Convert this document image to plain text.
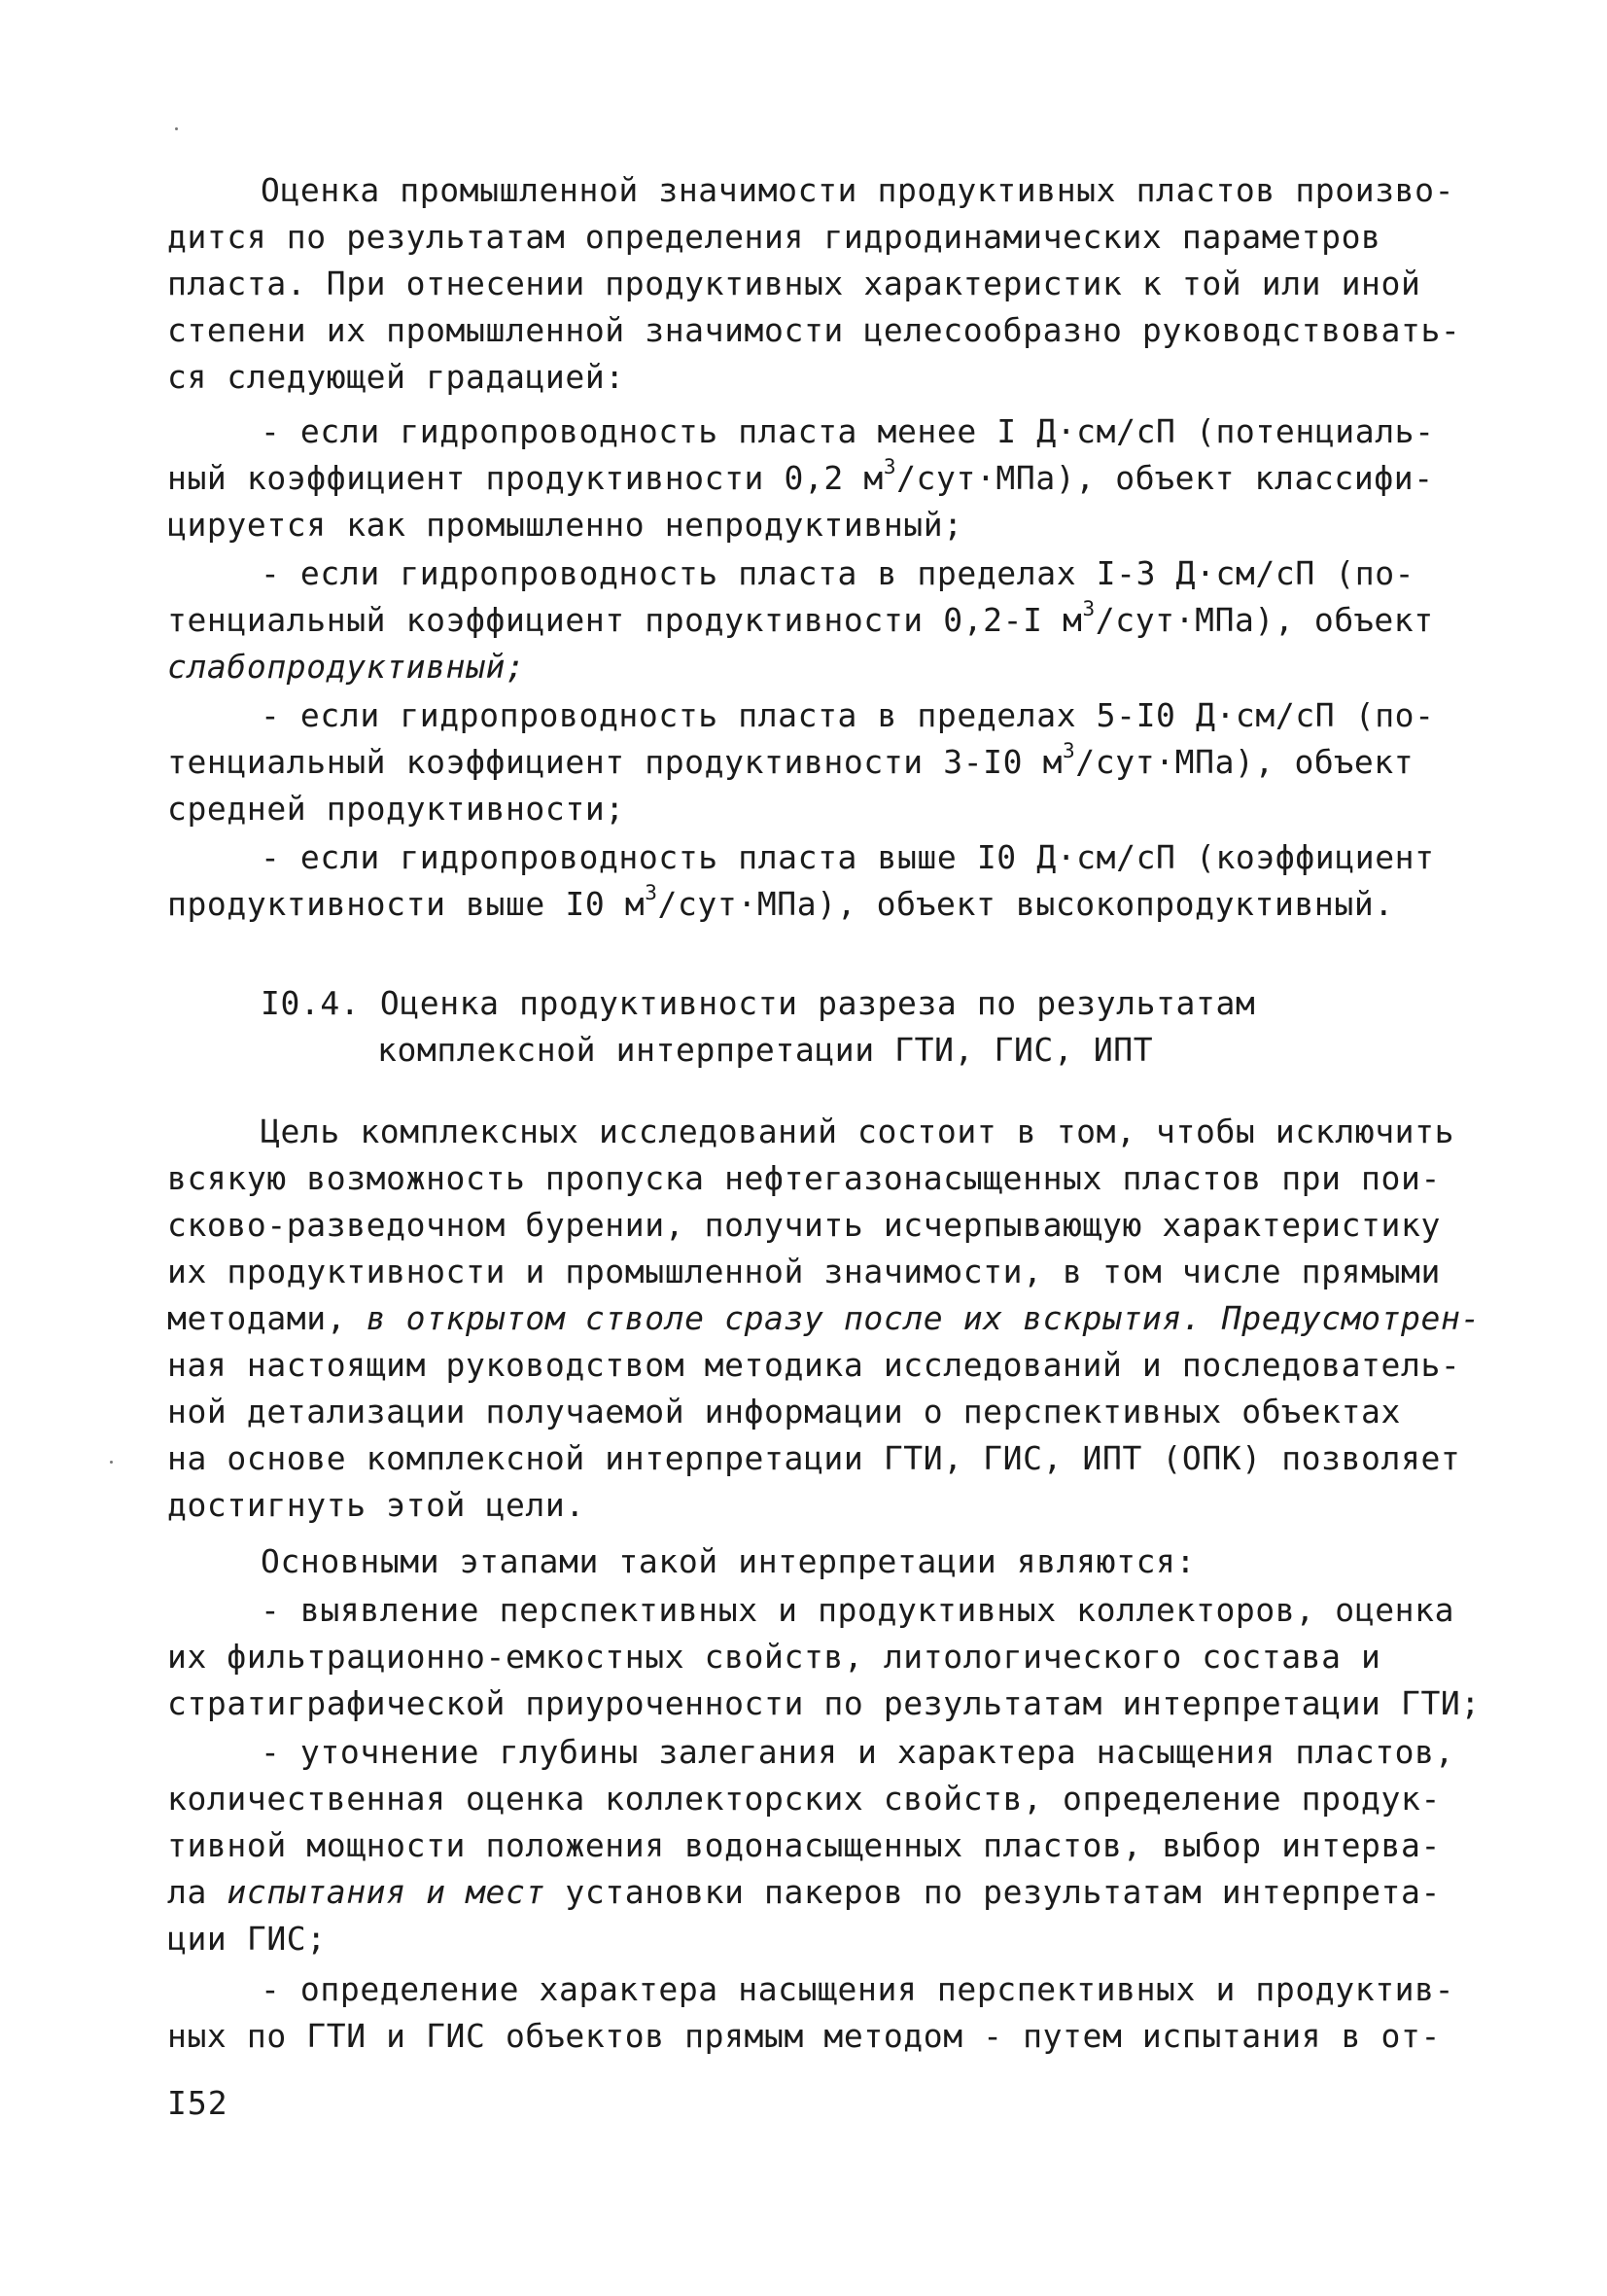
Оценка промышленной значимости продуктивных пластов произво-
дится по результатам определения гидродинамических параметров
пласта. При отнесении продуктивных характеристик к той или иной
степени их промышленной значимости целесообразно руководствовать-
ся следующей градацией:
- если гидропроводность пласта менее I Д·см/сП (потенциаль-
ный коэффициент продуктивности 0,2 $м^3/сут\cdot МПа$), объект классифи-
цируется как промышленно непродуктивный;
- если гидропроводность пласта в пределах I-3 Д·см/сП (по-
тенциальный коэффициент продуктивности 0,2-I $м^3/сут\cdot МПа$), объект
слабопродуктивный;
- если гидропроводность пласта в пределах 5-I0 Д·см/сП (по-
тенциальный коэффициент продуктивности 3-I0 $м^3/сут\cdot МПа$), объект
средней продуктивности;
- если гидропроводность пласта выше I0 Д·см/сП (коэффициент
продуктивности выше I0 $м^3/сут\cdot МПа$), объект высокопродуктивный.
I0.4. Оценка продуктивности разреза по результатам
комплексной интерпретации ГТИ, ГИС, ИПТ
Цель комплексных исследований состоит в том, чтобы исключить
всякую возможность пропуска нефтегазонасыщенных пластов при пои-
сково-разведочном бурении, получить исчерпывающую характеристику
их продуктивности и промышленной значимости, в том числе прямыми
методами, в открытом стволе сразу после их вскрытия. Предусмотрен-
ная настоящим руководством методика исследований и последователь-
ной детализации получаемой информации о перспективных объектах
на основе комплексной интерпретации ГТИ, ГИС, ИПТ (ОПК) позволяет
достигнуть этой цели.
Основными этапами такой интерпретации являются:
- выявление перспективных и продуктивных коллекторов, оценка
их фильтрационно-емкостных свойств, литологического состава и
стратиграфической приуроченности по результатам интерпретации ГТИ;
- уточнение глубины залегания и характера насыщения пластов,
количественная оценка коллекторских свойств, определение продук-
тивной мощности положения водонасыщенных пластов, выбор интерва-
ла испытания и мест установки пакеров по результатам интерпрета-
ции ГИС;
- определение характера насыщения перспективных и продуктив-
ных по ГТИ и ГИС объектов прямым методом - путем испытания в от-
I52
